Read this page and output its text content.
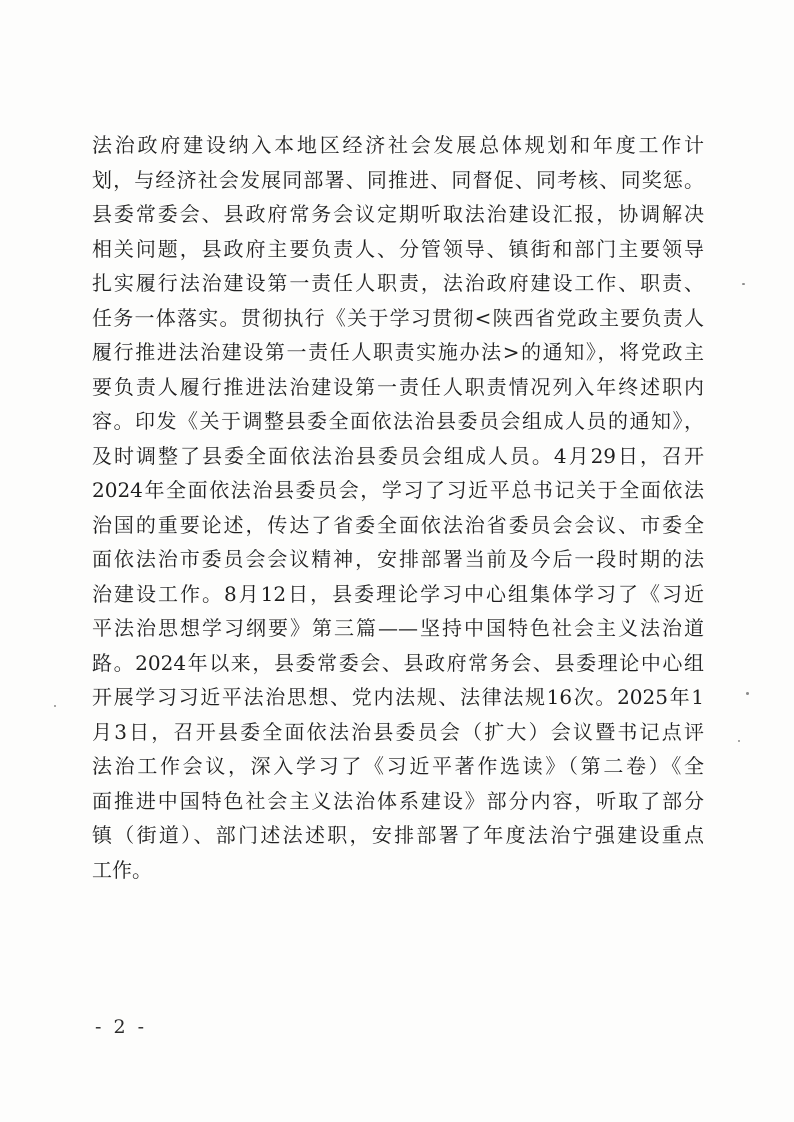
法治政府建设纳入本地区经济社会发展总体规划和年度工作计
划，与经济社会发展同部署、同推进、同督促、同考核、同奖惩。
县委常委会、县政府常务会议定期听取法治建设汇报，协调解决
相关问题，县政府主要负责人、分管领导、镇街和部门主要领导
扎实履行法治建设第一责任人职责，法治政府建设工作、职责、
任务一体落实。贯彻执行《关于学习贯彻<陕西省党政主要负责人
履行推进法治建设第一责任人职责实施办法>的通知》，将党政主
要负责人履行推进法治建设第一责任人职责情况列入年终述职内
容。印发《关于调整县委全面依法治县委员会组成人员的通知》，
及时调整了县委全面依法治县委员会组成人员。4月29日，召开
2024年全面依法治县委员会，学习了习近平总书记关于全面依法
治国的重要论述，传达了省委全面依法治省委员会会议、市委全
面依法治市委员会会议精神，安排部署当前及今后一段时期的法
治建设工作。8月12日，县委理论学习中心组集体学习了《习近
平法治思想学习纲要》第三篇——坚持中国特色社会主义法治道
路。2024年以来，县委常委会、县政府常务会、县委理论中心组
开展学习习近平法治思想、党内法规、法律法规16次。2025年1
月3日，召开县委全面依法治县委员会（扩大）会议暨书记点评
法治工作会议，深入学习了《习近平著作选读》（第二卷）《全
面推进中国特色社会主义法治体系建设》部分内容，听取了部分
镇（街道）、部门述法述职，安排部署了年度法治宁强建设重点
工作。
- 2 -
